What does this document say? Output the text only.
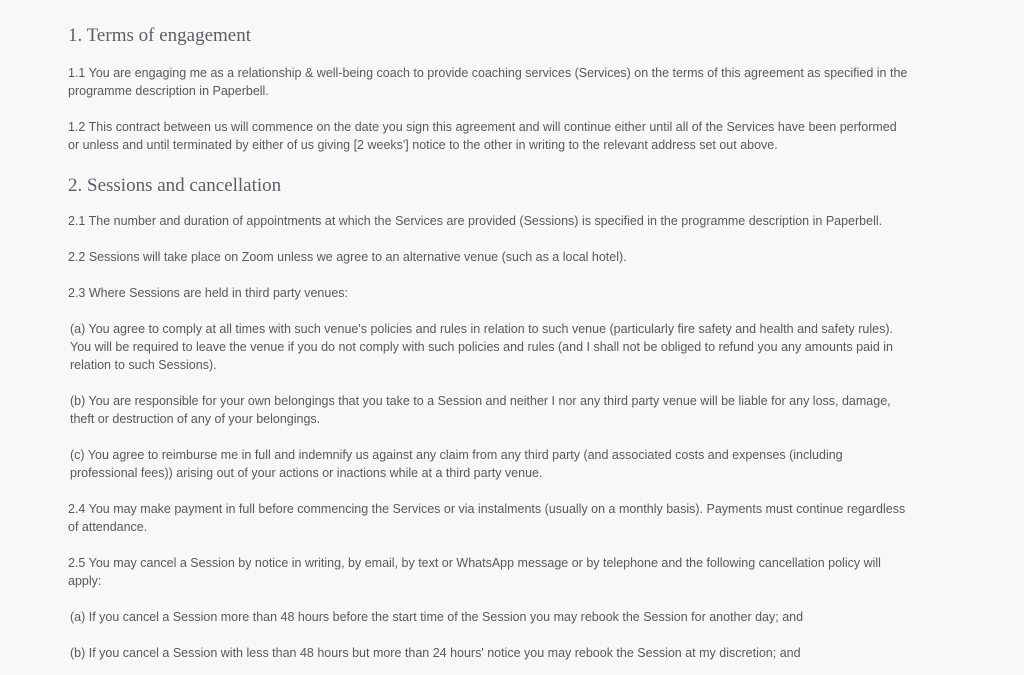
1. Terms of engagement

1.1 You are engaging me as a relationship & well-being coach to provide coaching services (Services) on the terms of this agreement as specified in the programme description in Paperbell.

1.2 This contract between us will commence on the date you sign this agreement and will continue either until all of the Services have been performed or unless and until terminated by either of us giving [2 weeks'] notice to the other in writing to the relevant address set out above.

2. Sessions and cancellation

2.1 The number and duration of appointments at which the Services are provided (Sessions) is specified in the programme description in Paperbell.

2.2 Sessions will take place on Zoom unless we agree to an alternative venue (such as a local hotel).

2.3 Where Sessions are held in third party venues:

(a) You agree to comply at all times with such venue's policies and rules in relation to such venue (particularly fire safety and health and safety rules). You will be required to leave the venue if you do not comply with such policies and rules (and I shall not be obliged to refund you any amounts paid in relation to such Sessions).

(b) You are responsible for your own belongings that you take to a Session and neither I nor any third party venue will be liable for any loss, damage, theft or destruction of any of your belongings.

(c) You agree to reimburse me in full and indemnify us against any claim from any third party (and associated costs and expenses (including professional fees)) arising out of your actions or inactions while at a third party venue.

2.4 You may make payment in full before commencing the Services or via instalments (usually on a monthly basis). Payments must continue regardless of attendance.

2.5 You may cancel a Session by notice in writing, by email, by text or WhatsApp message or by telephone and the following cancellation policy will apply:

(a) If you cancel a Session more than 48 hours before the start time of the Session you may rebook the Session for another day; and

(b) If you cancel a Session with less than 48 hours but more than 24 hours' notice you may rebook the Session at my discretion; and
